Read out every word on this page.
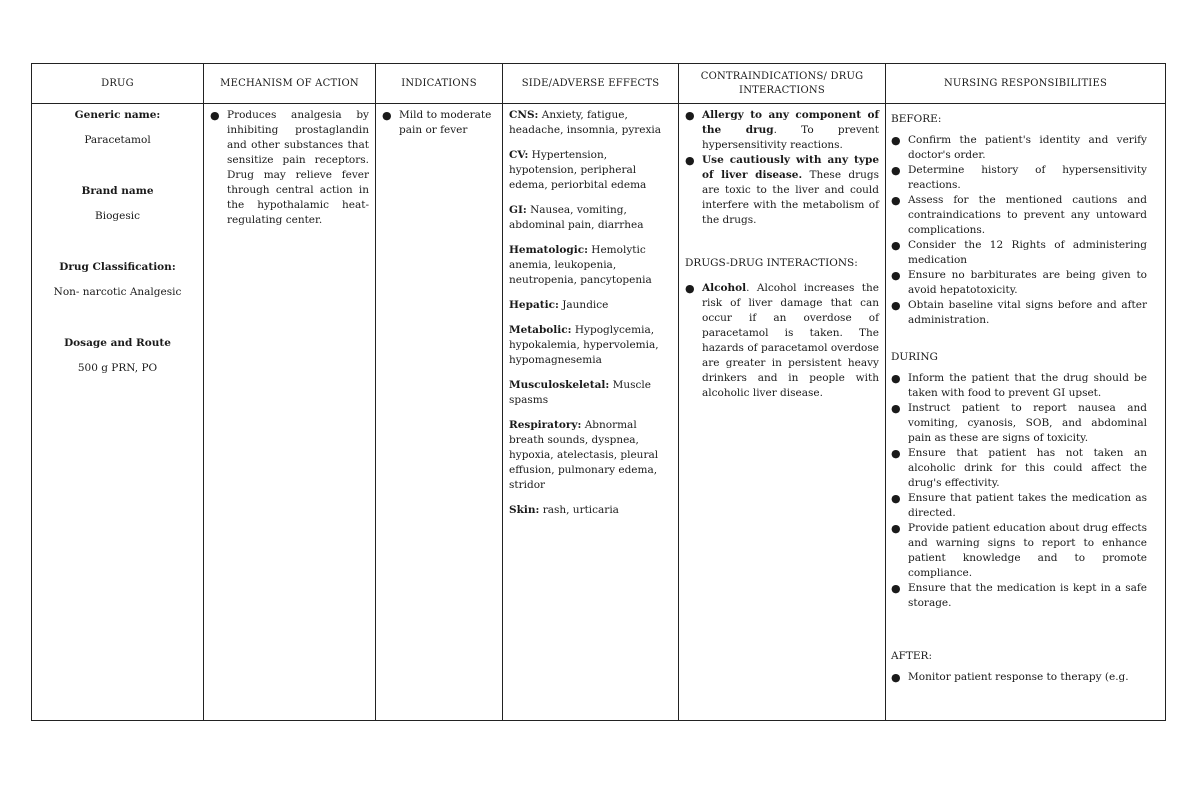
DRUG

Generic name:

Paracetamol

Brand name

Biogesic

Drug Classification:

Non- narcotic Analgesic

Dosage and Route

500 g PRN, PO

MECHANISM OF ACTION
● Produces analgesia by inhibiting prostaglandin and other substances that sensitize pain receptors. Drug may relieve fever through central action in the hypothalamic heat-regulating center.
INDICATIONS
● Mild to moderate pain or fever
SIDE/ADVERSE EFFECTS

CNS: Anxiety, fatigue, headache, insomnia, pyrexia

CV: Hypertension, hypotension, peripheral edema, periorbital edema

GI: Nausea, vomiting, abdominal pain, diarrhea

Hematologic: Hemolytic anemia, leukopenia, neutropenia, pancytopenia

Hepatic: Jaundice

Metabolic: Hypoglycemia, hypokalemia, hypervolemia, hypomagnesemia

Musculoskeletal: Muscle spasms

Respiratory: Abnormal breath sounds, dyspnea, hypoxia, atelectasis, pleural effusion, pulmonary edema, stridor

Skin: rash, urticaria

CONTRAINDICATIONS/ DRUG INTERACTIONS
● Allergy to any component of the drug. To prevent hypersensitivity reactions.
● Use cautiously with any type of liver disease. These drugs are toxic to the liver and could interfere with the metabolism of the drugs.

DRUGS-DRUG INTERACTIONS:

● Alcohol. Alcohol increases the risk of liver damage that can occur if an overdose of paracetamol is taken. The hazards of paracetamol overdose are greater in persistent heavy drinkers and in people with alcoholic liver disease.
NURSING RESPONSIBILITIES

BEFORE:

● Confirm the patient's identity and verify doctor's order.
● Determine history of hypersensitivity reactions.
● Assess for the mentioned cautions and contraindications to prevent any untoward complications.
● Consider the 12 Rights of administering medication
● Ensure no barbiturates are being given to avoid hepatotoxicity.
● Obtain baseline vital signs before and after administration.

DURING

● Inform the patient that the drug should be taken with food to prevent GI upset.
● Instruct patient to report nausea and vomiting, cyanosis, SOB, and abdominal pain as these are signs of toxicity.
● Ensure that patient has not taken an alcoholic drink for this could affect the drug's effectivity.
● Ensure that patient takes the medication as directed.
● Provide patient education about drug effects and warning signs to report to enhance patient knowledge and to promote compliance.
● Ensure that the medication is kept in a safe storage.

AFTER:

● Monitor patient response to therapy (e.g.
